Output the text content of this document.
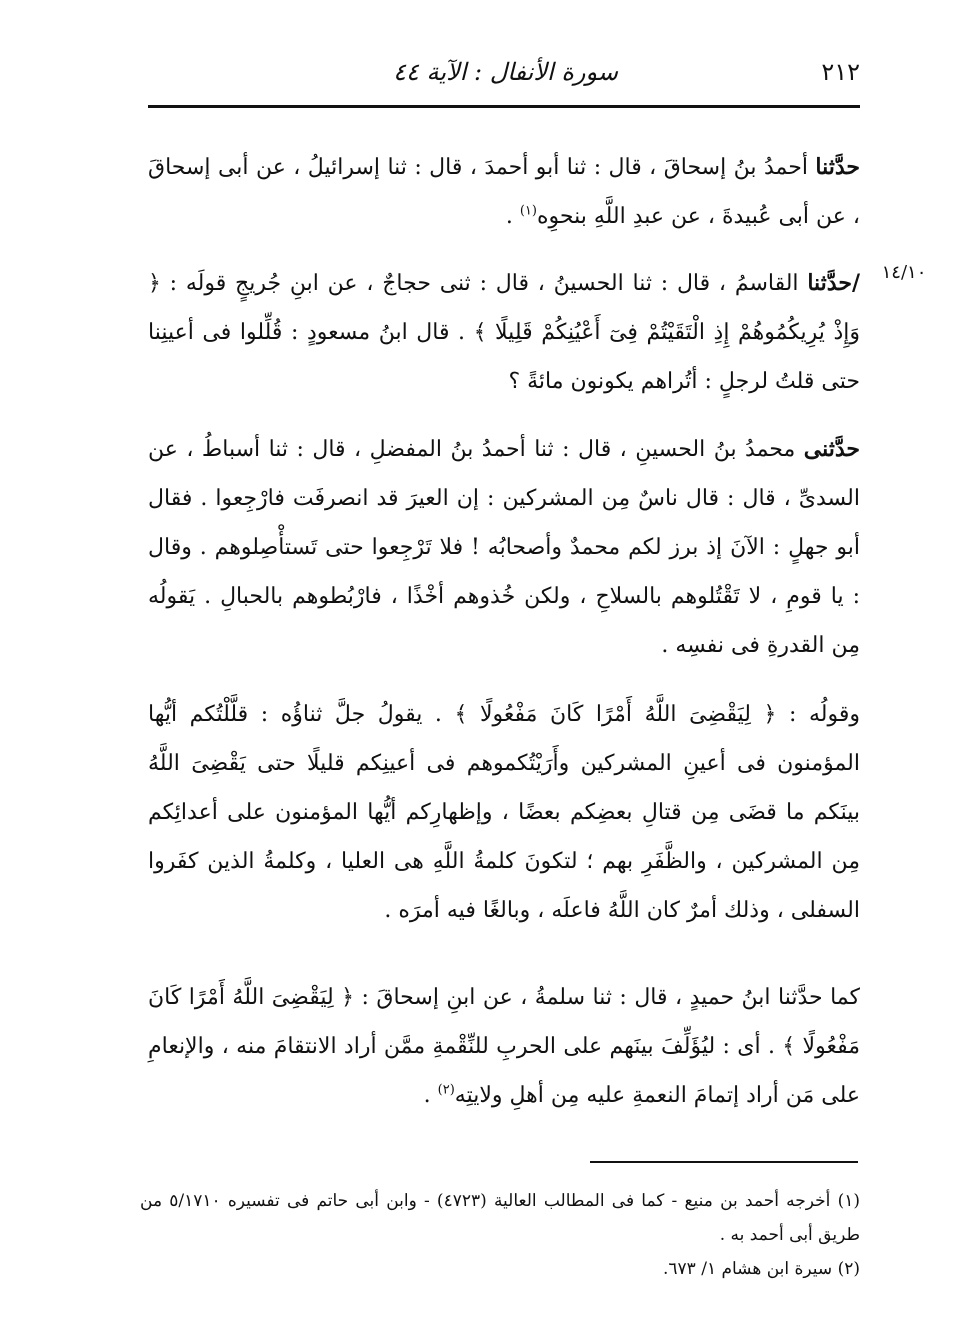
٢١٢
سورة الأنفال : الآية ٤٤
١٤/١٠
حدَّثنا أحمدُ بنُ إسحاقَ ، قال : ثنا أبو أحمدَ ، قال : ثنا إسرائيلُ ، عن أبى إسحاقَ ، عن أبى عُبيدةَ ، عن عبدِ اللَّهِ بنحوِه$^{(١)}$ .
/حدَّثنا القاسمُ ، قال : ثنا الحسينُ ، قال : ثنى حجاجٌ ، عن ابنِ جُريجٍ قولَه : ﴿ وَإِذْ يُرِيكُمُوهُمْ إِذِ الْتَقَيْتُمْ فِىٓ أَعْيُنِكُمْ قَلِيلًا ﴾ . قال ابنُ مسعودٍ : قُلِّلوا فى أعينِنا حتى قلتُ لرجلٍ : أتُراهم يكونون مائةً ؟
حدَّثنى محمدُ بنُ الحسينِ ، قال : ثنا أحمدُ بنُ المفضلِ ، قال : ثنا أسباطُ ، عن السدىِّ ، قال : قال ناسٌ مِن المشركين : إن العيرَ قد انصرفَت فارْجِعوا . فقال أبو جهلٍ : الآنَ إذ برز لكم محمدٌ وأصحابُه ! فلا تَرْجِعوا حتى تَستأْصِلوهم . وقال : يا قومِ ، لا تَقْتُلوهم بالسلاحِ ، ولكن خُذوهم أخْذًا ، فارْبُطوهم بالحبالِ . يَقولُه مِن القدرةِ فى نفسِه .
وقولُه : ﴿ لِيَقْضِىَ اللَّهُ أَمْرًا كَانَ مَفْعُولًا ﴾ . يقولُ جلَّ ثناؤُه : قلَّلْتُكم أيُّها المؤمنون فى أعينِ المشركين وأَرَيْتُكموهم فى أعينِكم قليلًا حتى يَقْضِىَ اللَّهُ بينَكم ما قضَى مِن قتالِ بعضِكم بعضًا ، وإظهارِكم أيُّها المؤمنون على أعدائِكم مِن المشركين ، والظَّفَرِ بهم ؛ لتكونَ كلمةُ اللَّهِ هى العليا ، وكلمةُ الذين كفَروا السفلى ، وذلك أمرٌ كان اللَّهُ فاعلَه ، وبالغًا فيه أمرَه .
كما حدَّثنا ابنُ حميدٍ ، قال : ثنا سلمةُ ، عن ابنِ إسحاقَ : ﴿ لِيَقْضِىَ اللَّهُ أَمْرًا كَانَ مَفْعُولًا ﴾ . أى : ليُؤَلِّفَ بينَهم على الحربِ للنِّقْمةِ ممَّن أراد الانتقامَ منه ، والإنعامِ على مَن أراد إتمامَ النعمةِ عليه مِن أهلِ ولايتِه$^{(٢)}$ .
(١) أخرجه أحمد بن منيع - كما فى المطالب العالية (٤٧٢٣) - وابن أبى حاتم فى تفسيره ٥/١٧١٠ من طريق أبى أحمد به .
(٢) سيرة ابن هشام ١/ ٦٧٣.
